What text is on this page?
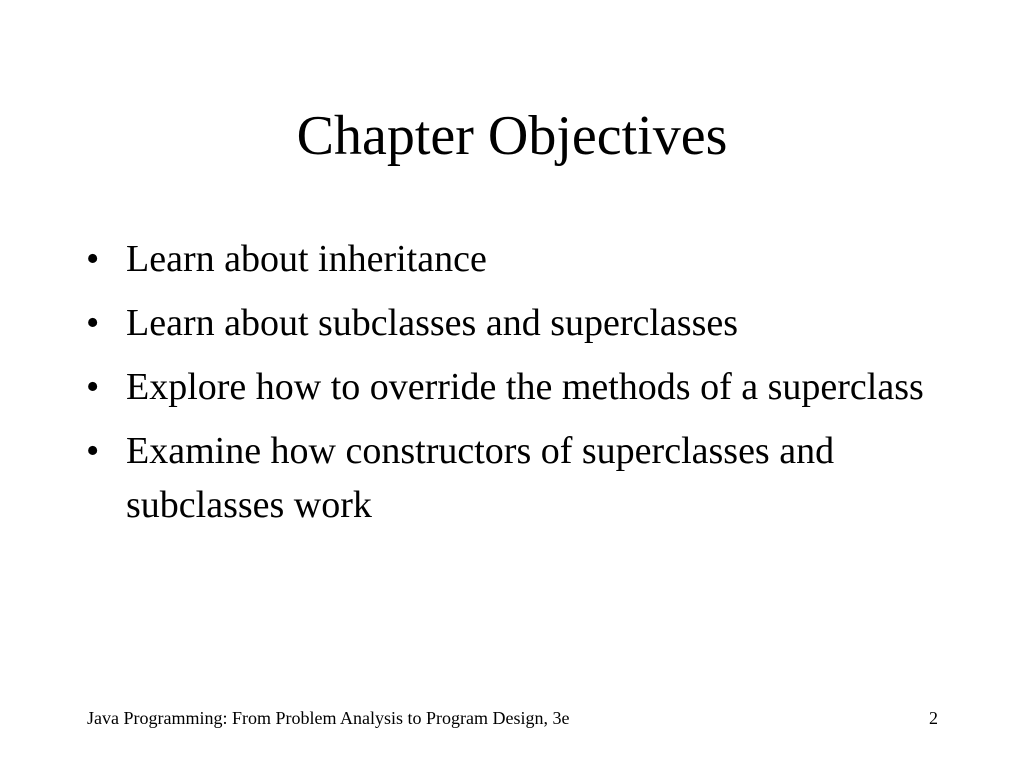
Chapter Objectives
• Learn about inheritance
• Learn about subclasses and superclasses
• Explore how to override the methods of a superclass
• Examine how constructors of superclasses and subclasses work
Java Programming: From Problem Analysis to Program Design, 3e	2
